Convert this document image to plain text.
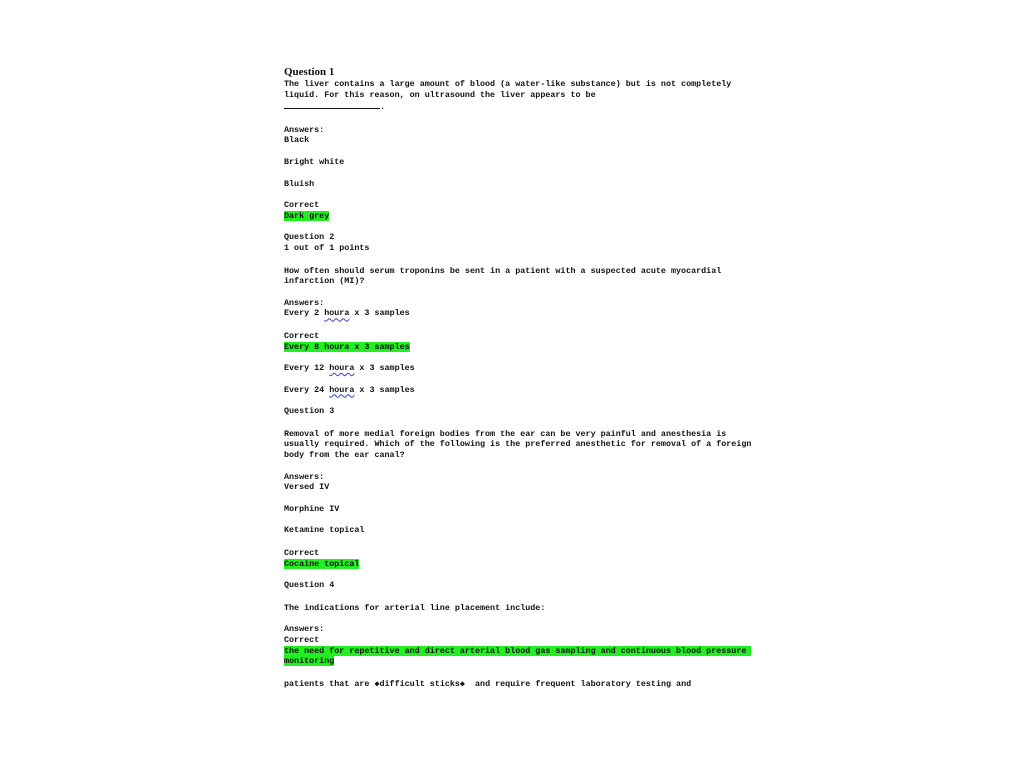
Question 1

The liver contains a large amount of blood (a water-like substance) but is not completely liquid. For this reason, on ultrasound the liver appears to be
.

Answers:

Black

Bright white

Bluish

Correct

Dark grey

Question 2

1 out of 1 points

How often should serum troponins be sent in a patient with a suspected acute myocardial infarction (MI)?

Answers:

Every 2 houra x 3 samples

Correct

Every 8 houra x 3 samples

Every 12 houra x 3 samples

Every 24 houra x 3 samples

Question 3

Removal of more medial foreign bodies from the ear can be very painful and anesthesia is usually required. Which of the following is the preferred anesthetic for removal of a foreign body from the ear canal?

Answers:

Versed IV

Morphine IV

Ketamine topical

Correct

Cocaine topical

Question 4

The indications for arterial line placement include:

Answers:

Correct

the need for repetitive and direct arterial blood gas sampling and continuous blood pressure monitoring

patients that are ◆difficult sticks◆  and require frequent laboratory testing and
